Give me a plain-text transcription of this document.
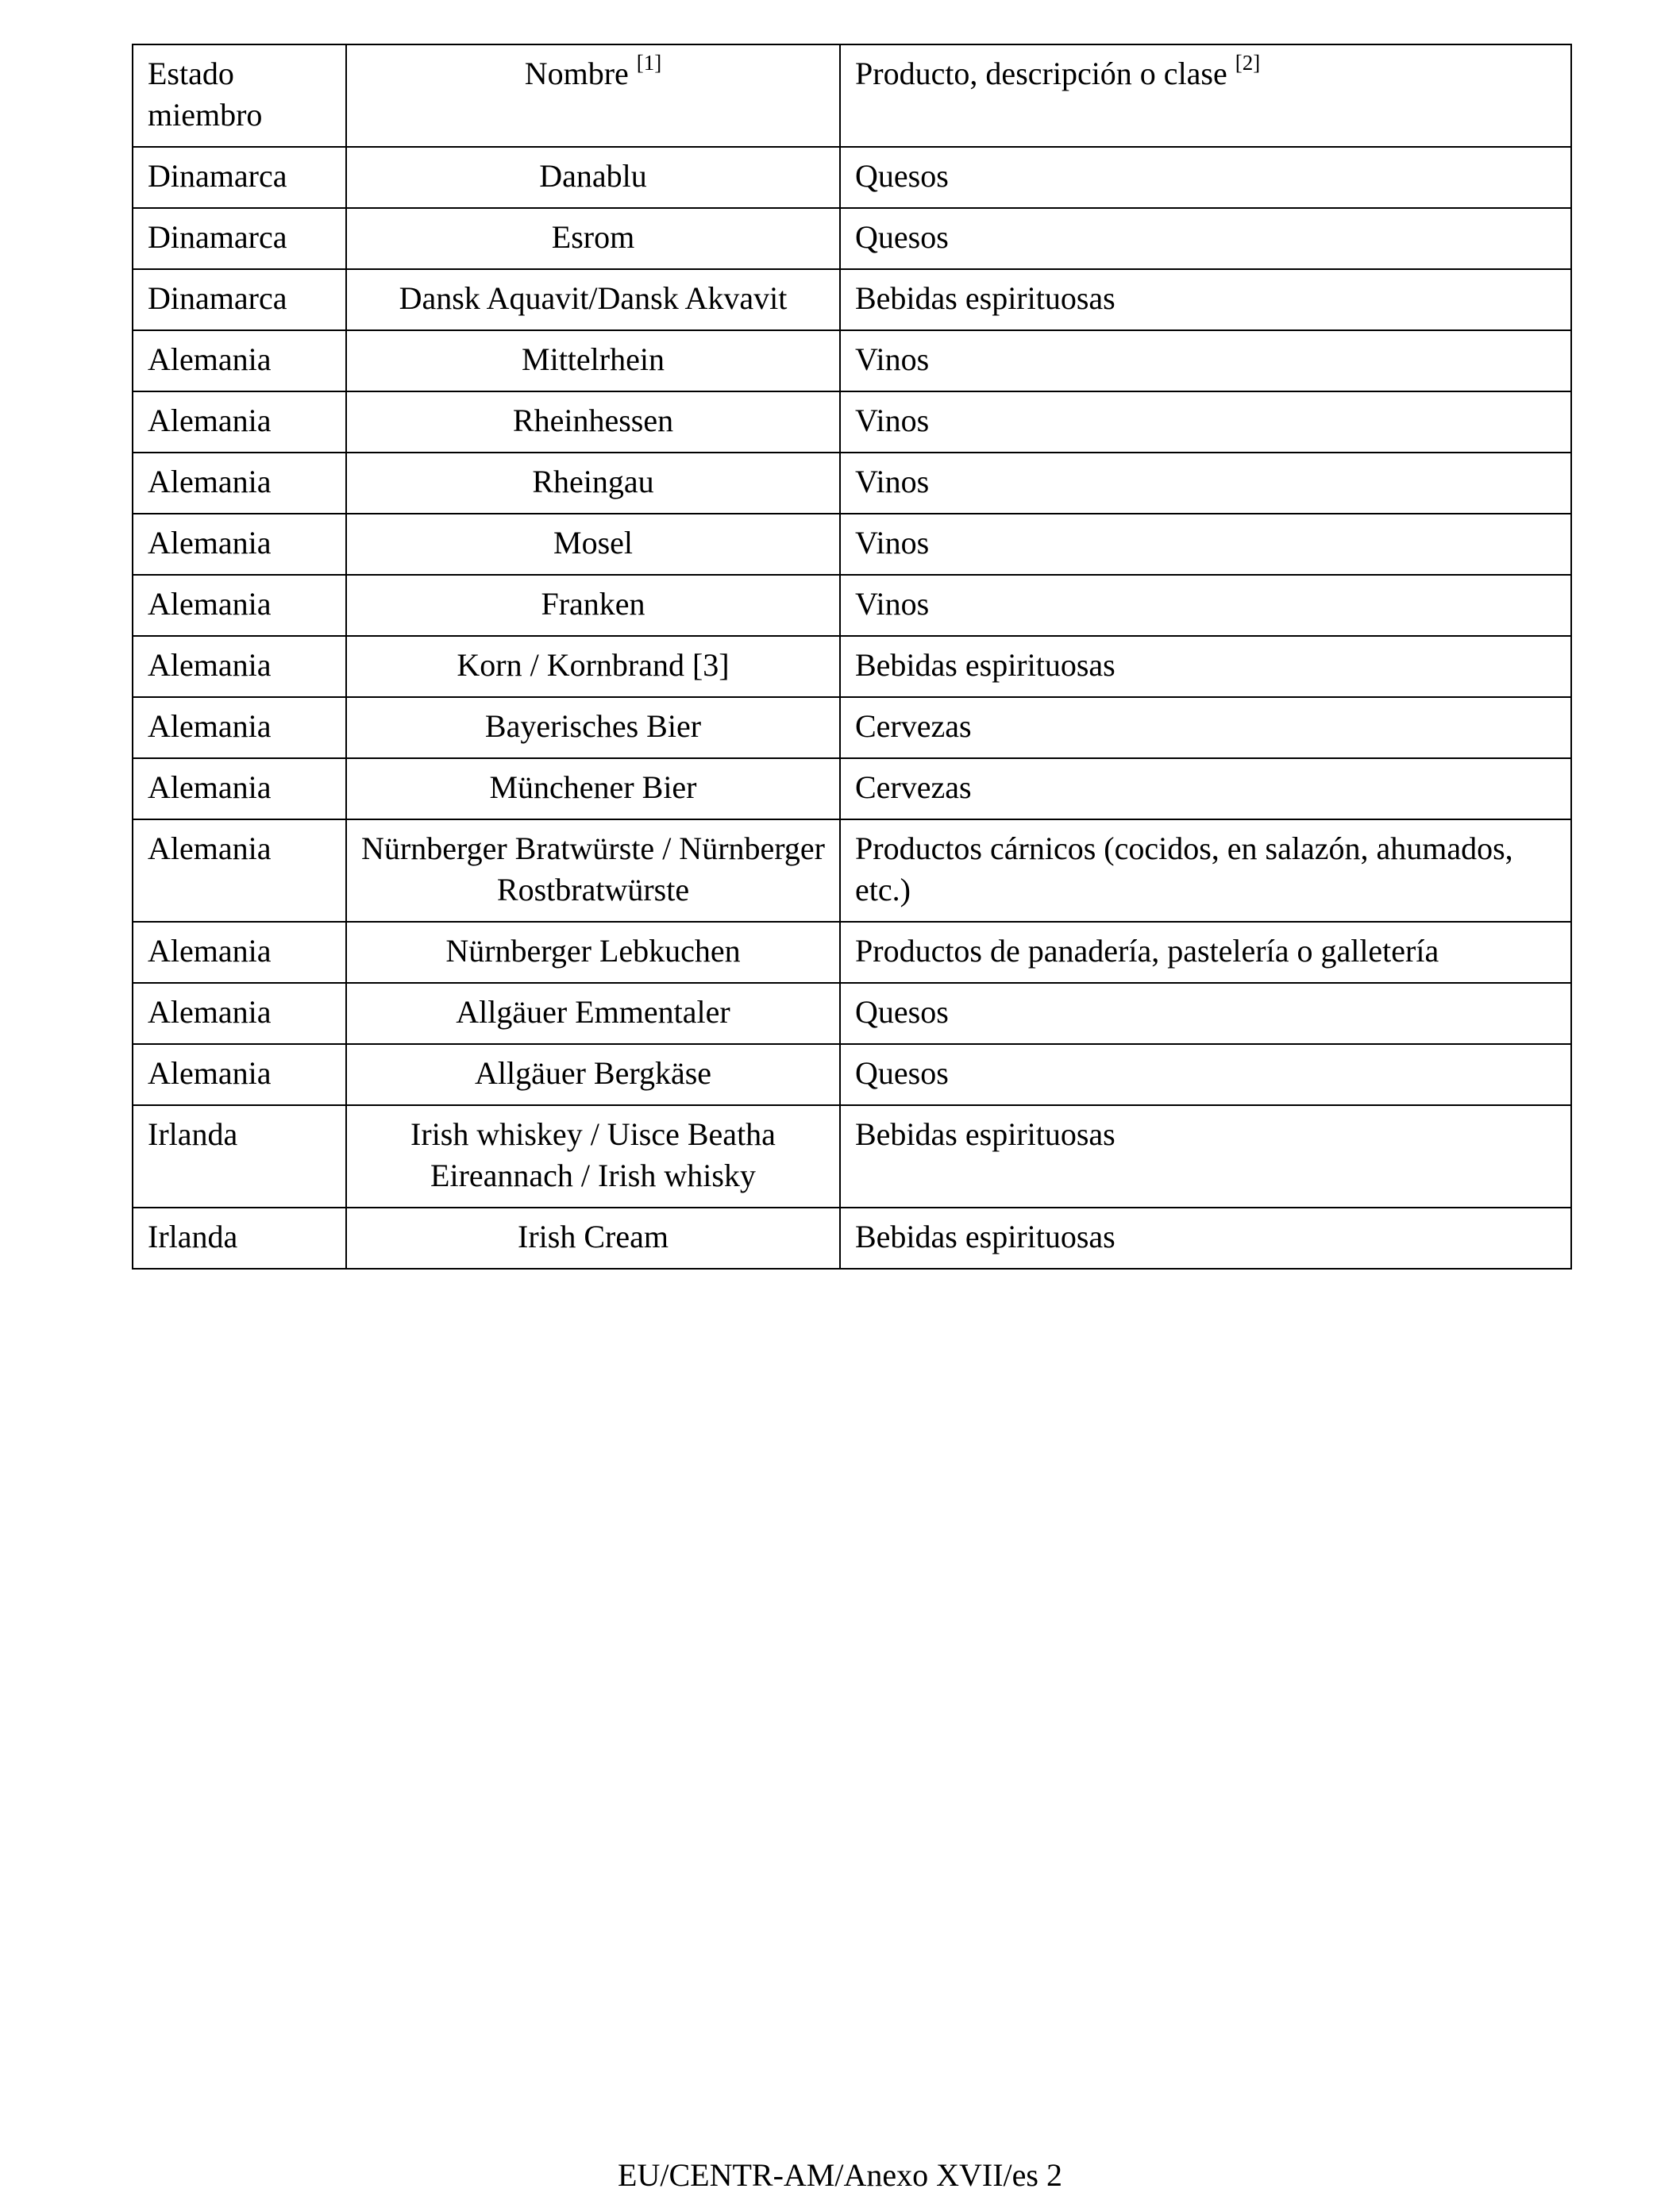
Estado miembro	Nombre [1]	Producto, descripción o clase [2]
Dinamarca	Danablu	Quesos
Dinamarca	Esrom	Quesos
Dinamarca	Dansk Aquavit/Dansk Akvavit	Bebidas espirituosas
Alemania	Mittelrhein	Vinos
Alemania	Rheinhessen	Vinos
Alemania	Rheingau	Vinos
Alemania	Mosel	Vinos
Alemania	Franken	Vinos
Alemania	Korn / Kornbrand [3]	Bebidas espirituosas
Alemania	Bayerisches Bier	Cervezas
Alemania	Münchener Bier	Cervezas
Alemania	Nürnberger Bratwürste / Nürnberger Rostbratwürste	Productos cárnicos (cocidos, en salazón, ahumados, etc.)
Alemania	Nürnberger Lebkuchen	Productos de panadería, pastelería o galletería
Alemania	Allgäuer Emmentaler	Quesos
Alemania	Allgäuer Bergkäse	Quesos
Irlanda	Irish whiskey / Uisce Beatha Eireannach / Irish whisky	Bebidas espirituosas
Irlanda	Irish Cream	Bebidas espirituosas
EU/CENTR-AM/Anexo XVII/es 2
